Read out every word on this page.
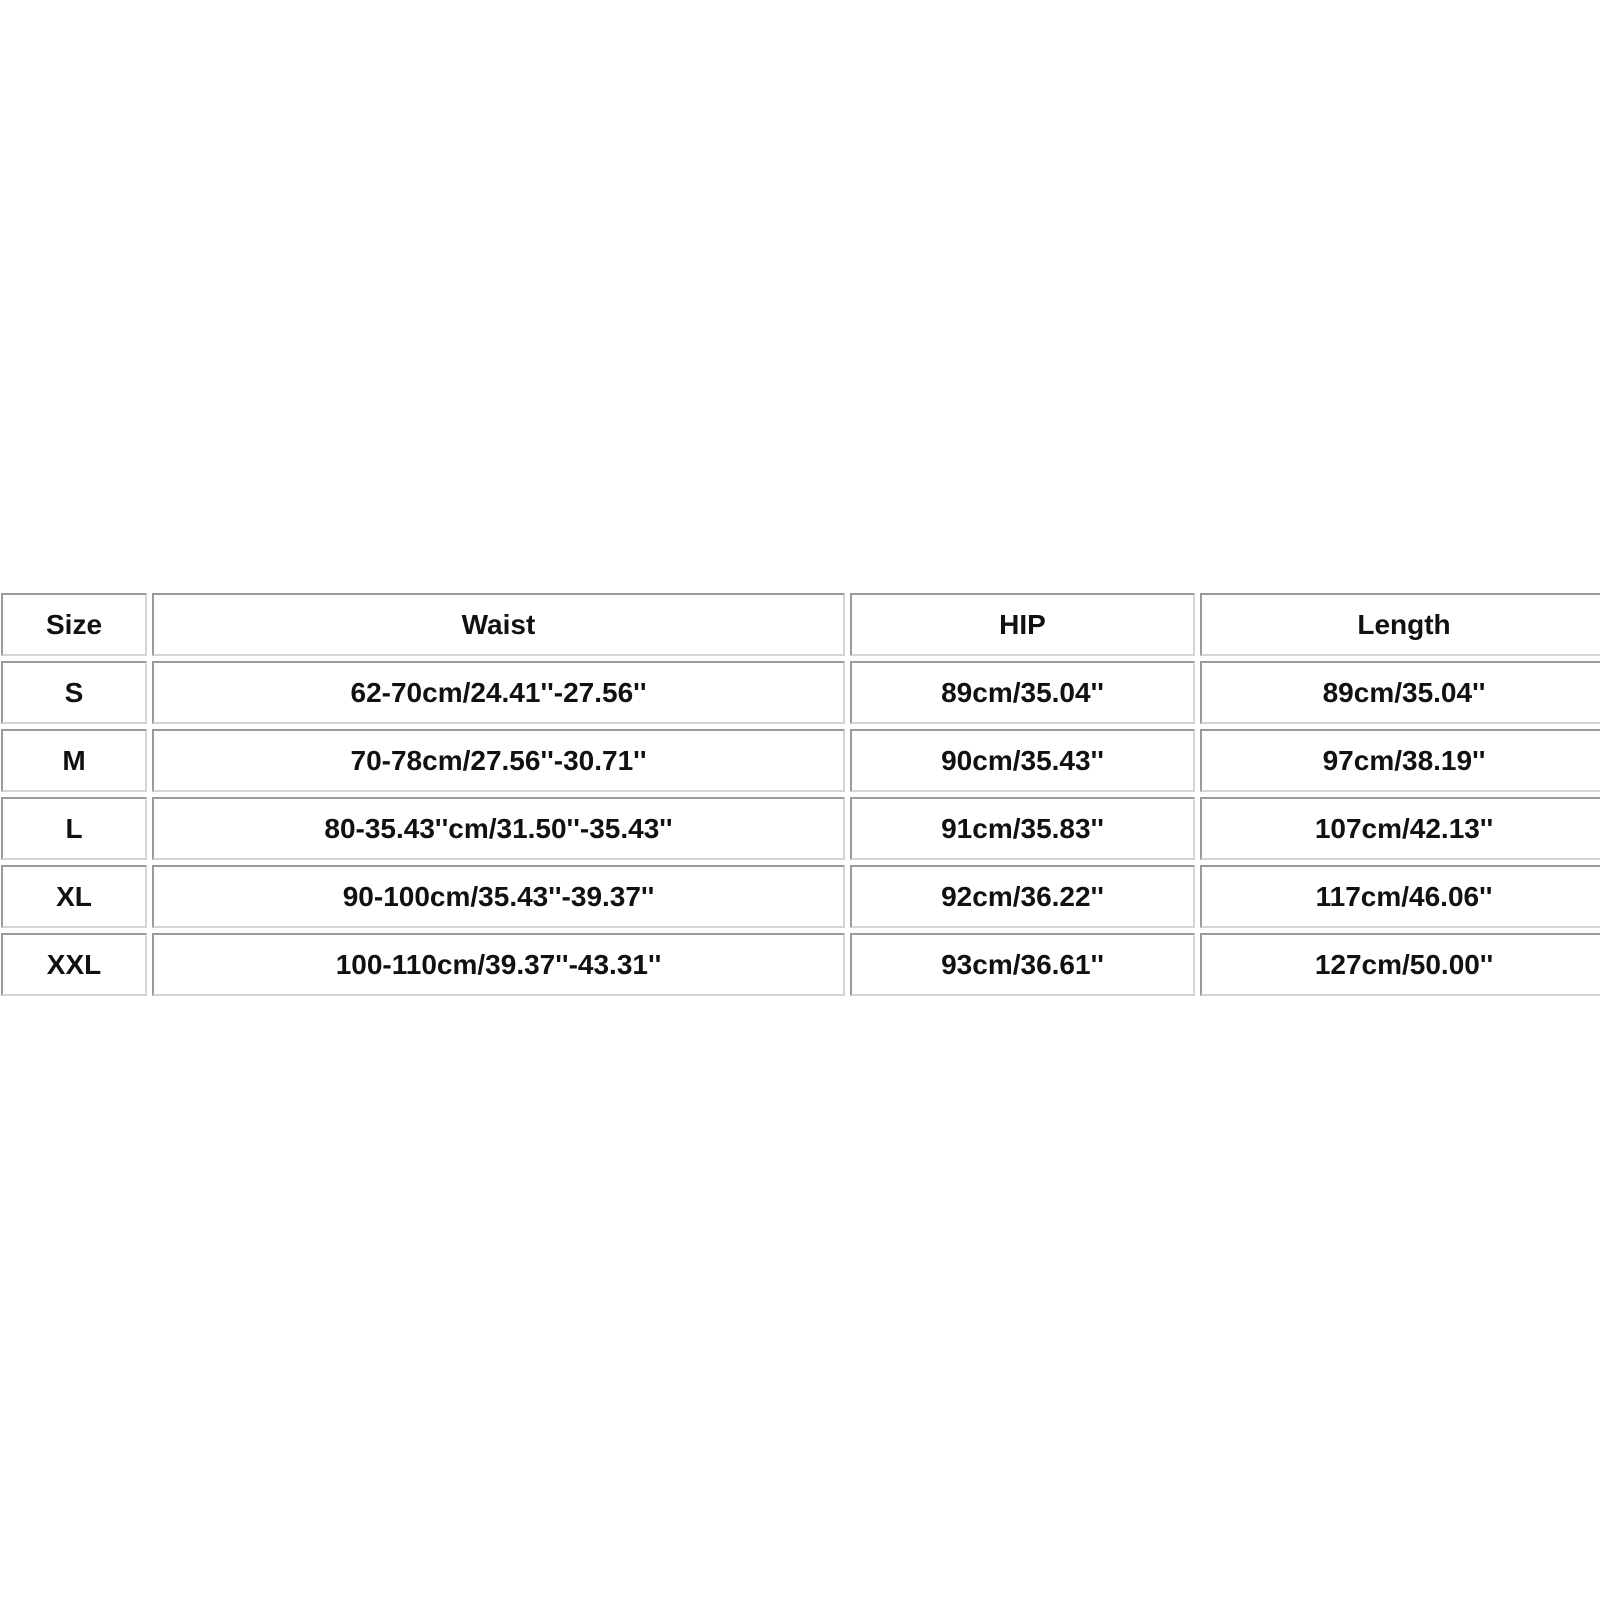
Size	Waist	HIP	Length
S	62-70cm/24.41''-27.56''	89cm/35.04''	89cm/35.04''
M	70-78cm/27.56''-30.71''	90cm/35.43''	97cm/38.19''
L	80-35.43''cm/31.50''-35.43''	91cm/35.83''	107cm/42.13''
XL	90-100cm/35.43''-39.37''	92cm/36.22''	117cm/46.06''
XXL	100-110cm/39.37''-43.31''	93cm/36.61''	127cm/50.00''
